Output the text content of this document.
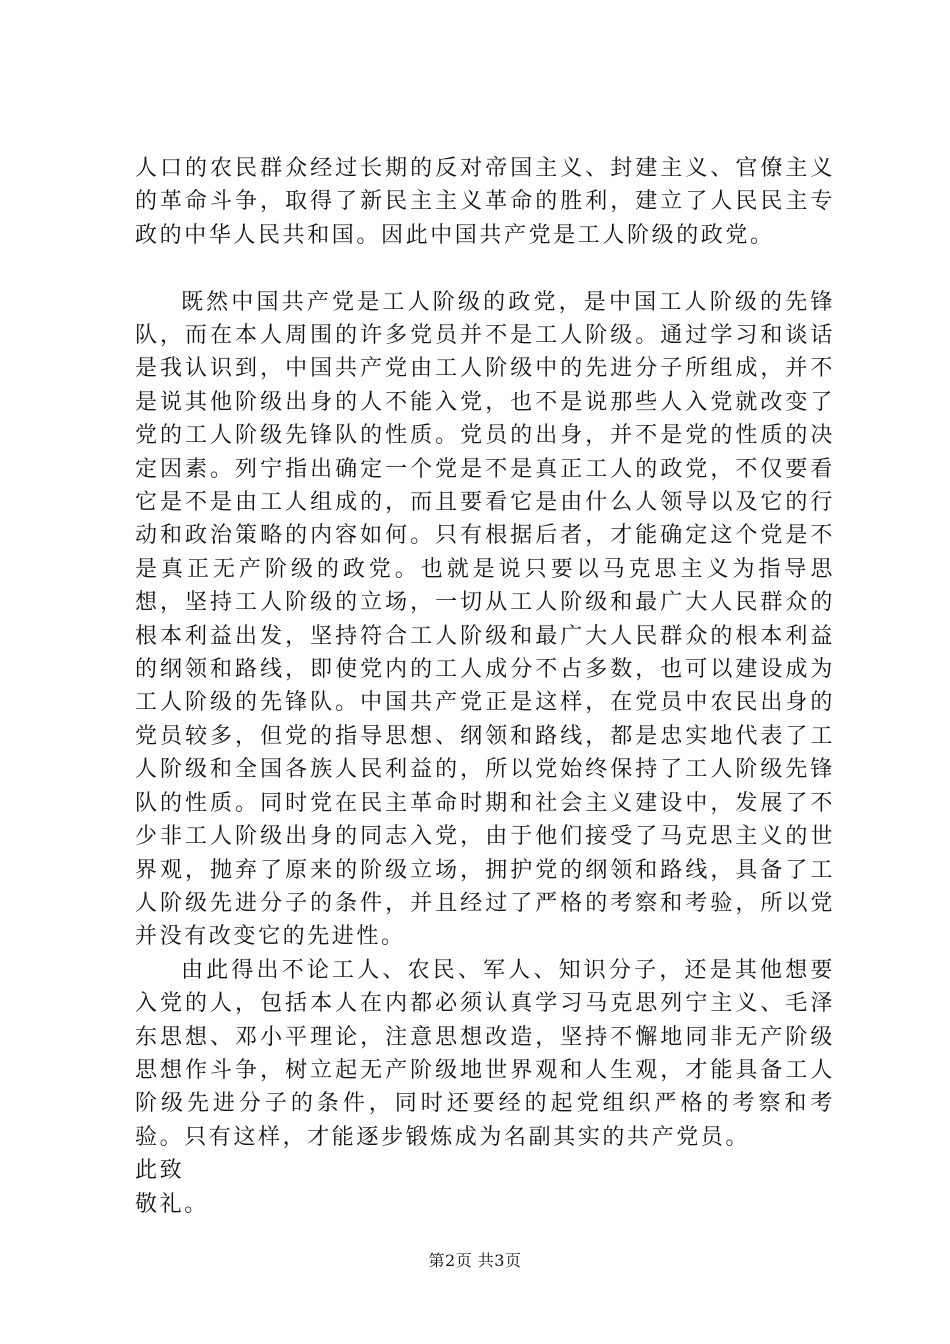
人口的农民群众经过长期的反对帝国主义、封建主义、官僚主义的革命斗争，取得了新民主主义革命的胜利，建立了人民民主专政的中华人民共和国。因此中国共产党是工人阶级的政党。

既然中国共产党是工人阶级的政党，是中国工人阶级的先锋队，而在本人周围的许多党员并不是工人阶级。通过学习和谈话是我认识到，中国共产党由工人阶级中的先进分子所组成，并不是说其他阶级出身的人不能入党，也不是说那些人入党就改变了党的工人阶级先锋队的性质。党员的出身，并不是党的性质的决定因素。列宁指出确定一个党是不是真正工人的政党，不仅要看它是不是由工人组成的，而且要看它是由什么人领导以及它的行动和政治策略的内容如何。只有根据后者，才能确定这个党是不是真正无产阶级的政党。也就是说只要以马克思主义为指导思想，坚持工人阶级的立场，一切从工人阶级和最广大人民群众的根本利益出发，坚持符合工人阶级和最广大人民群众的根本利益的纲领和路线，即使党内的工人成分不占多数，也可以建设成为工人阶级的先锋队。中国共产党正是这样，在党员中农民出身的党员较多，但党的指导思想、纲领和路线，都是忠实地代表了工人阶级和全国各族人民利益的，所以党始终保持了工人阶级先锋队的性质。同时党在民主革命时期和社会主义建设中，发展了不少非工人阶级出身的同志入党，由于他们接受了马克思主义的世界观，抛弃了原来的阶级立场，拥护党的纲领和路线，具备了工人阶级先进分子的条件，并且经过了严格的考察和考验，所以党并没有改变它的先进性。

由此得出不论工人、农民、军人、知识分子，还是其他想要入党的人，包括本人在内都必须认真学习马克思列宁主义、毛泽东思想、邓小平理论，注意思想改造，坚持不懈地同非无产阶级思想作斗争，树立起无产阶级地世界观和人生观，才能具备工人阶级先进分子的条件，同时还要经的起党组织严格的考察和考验。只有这样，才能逐步锻炼成为名副其实的共产党员。

此致

敬礼。

第2页 共3页
